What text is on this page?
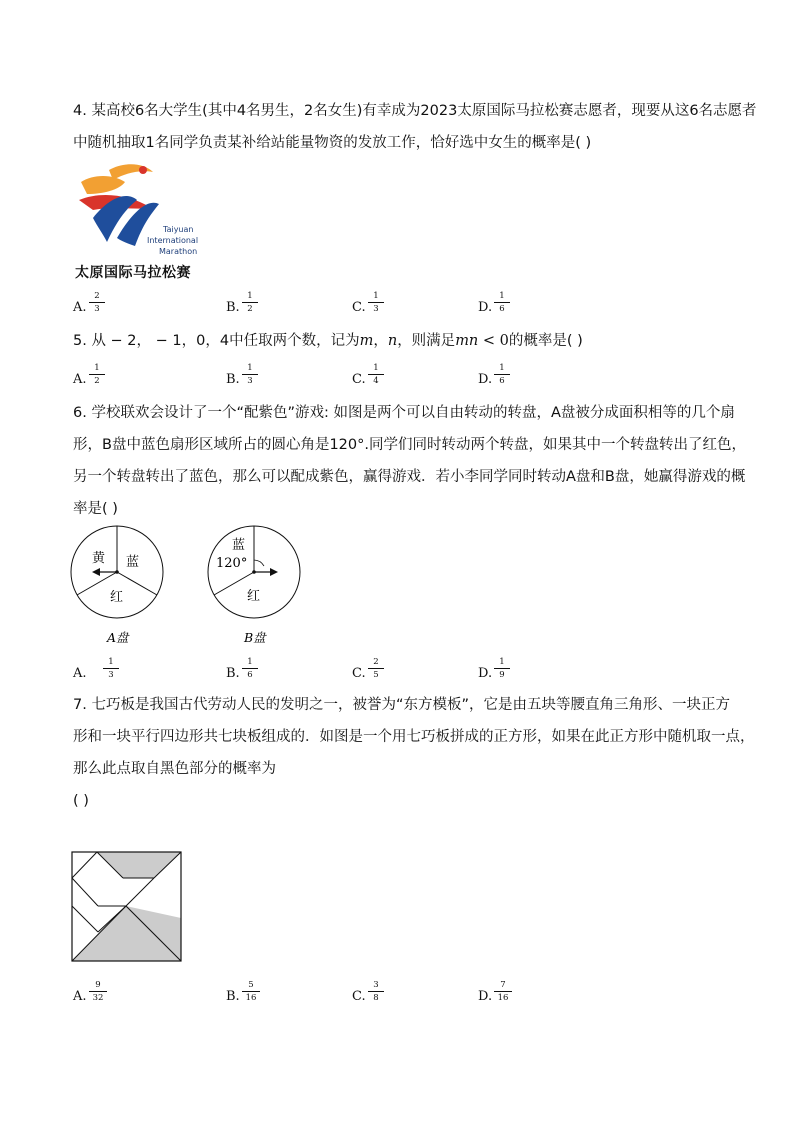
4. 某高校6名大学生(其中4名男生，2名女生)有幸成为2023太原国际马拉松赛志愿者，现要从这6名志愿者
中随机抽取1名同学负责某补给站能量物资的发放工作，恰好选中女生的概率是( )
Taiyuan
International
Marathon
太原国际马拉松赛
A.
2
3	B.
1
2	C.
1
3	D.
1
6
5. 从 − 2， − 1，0，4中任取两个数，记为m，n，则满足mn < 0的概率是( )
A.
1
2	B.
1
3	C.
1
4	D.
1
6
6. 学校联欢会设计了一个“配紫色”游戏: 如图是两个可以自由转动的转盘，A盘被分成面积相等的几个扇
形，B盘中蓝色扇形区域所占的圆心角是120°.同学们同时转动两个转盘，如果其中一个转盘转出了红色，
另一个转盘转出了蓝色，那么可以配成紫色，赢得游戏．若小李同学同时转动A盘和B盘，她赢得游戏的概
率是( )
黄 蓝
红
A盘
蓝
120°
红
B盘
A.
1
3	B.
1
6	C.
2
5	D.
1
9
7. 七巧板是我国古代劳动人民的发明之一，被誉为“东方模板”，它是由五块等腰直角三角形、一块正方
形和一块平行四边形共七块板组成的．如图是一个用七巧板拼成的正方形，如果在此正方形中随机取一点，
那么此点取自黑色部分的概率为
( )
A.
9
32	B.
5
16	C.
3
8	D.
7
16
